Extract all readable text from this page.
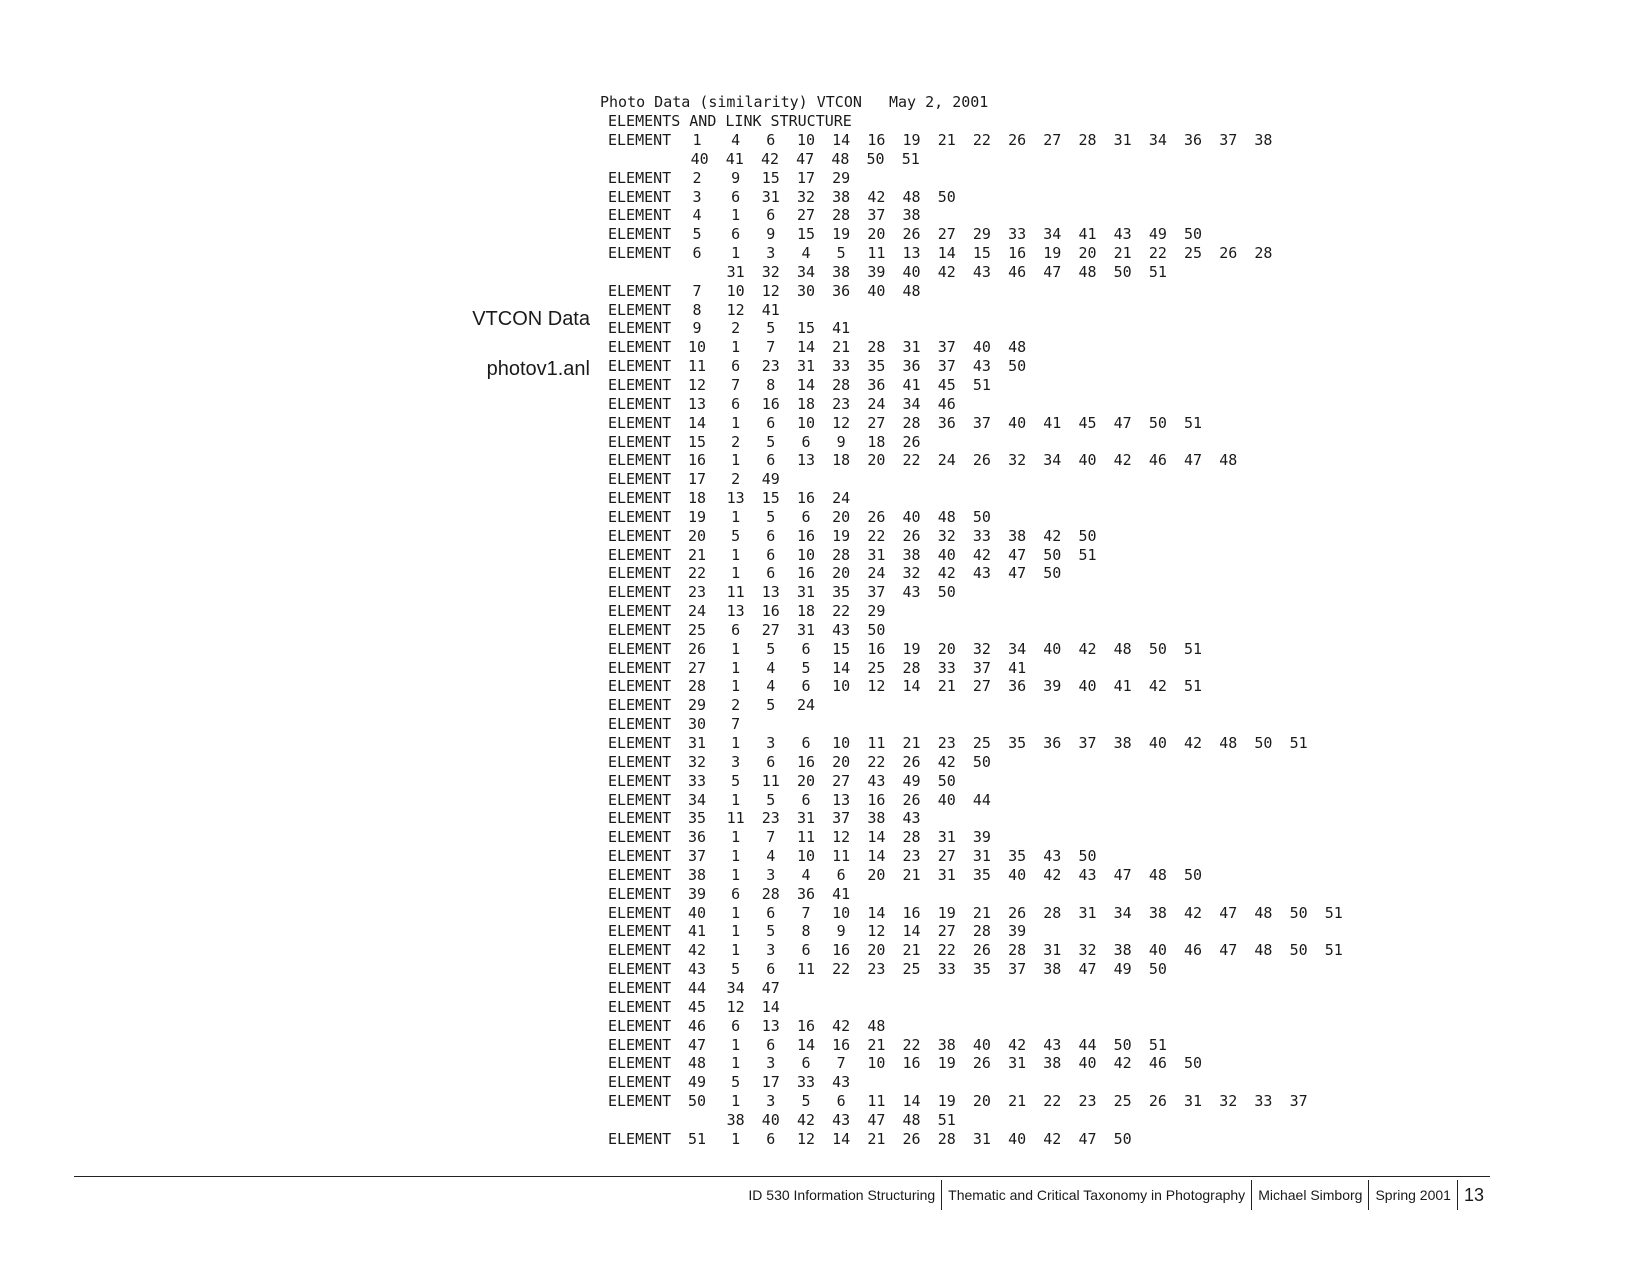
VTCON Data
photov1.anl
Photo Data (similarity) VTCON   May 2, 2001
ELEMENTS AND LINK STRUCTURE
ELEMENT	1	4	6	10	14	16	19	21	22	26	27	28	31	34	36	37	38
40	41	42	47	48	50	51
ELEMENT	2	9	15	17	29
ELEMENT	3	6	31	32	38	42	48	50
ELEMENT	4	1	6	27	28	37	38
ELEMENT	5	6	9	15	19	20	26	27	29	33	34	41	43	49	50
ELEMENT	6	1	3	4	5	11	13	14	15	16	19	20	21	22	25	26	28
31	32	34	38	39	40	42	43	46	47	48	50	51
ELEMENT	7	10	12	30	36	40	48
ELEMENT	8	12	41
ELEMENT	9	2	5	15	41
ELEMENT	10	1	7	14	21	28	31	37	40	48
ELEMENT	11	6	23	31	33	35	36	37	43	50
ELEMENT	12	7	8	14	28	36	41	45	51
ELEMENT	13	6	16	18	23	24	34	46
ELEMENT	14	1	6	10	12	27	28	36	37	40	41	45	47	50	51
ELEMENT	15	2	5	6	9	18	26
ELEMENT	16	1	6	13	18	20	22	24	26	32	34	40	42	46	47	48
ELEMENT	17	2	49
ELEMENT	18	13	15	16	24
ELEMENT	19	1	5	6	20	26	40	48	50
ELEMENT	20	5	6	16	19	22	26	32	33	38	42	50
ELEMENT	21	1	6	10	28	31	38	40	42	47	50	51
ELEMENT	22	1	6	16	20	24	32	42	43	47	50
ELEMENT	23	11	13	31	35	37	43	50
ELEMENT	24	13	16	18	22	29
ELEMENT	25	6	27	31	43	50
ELEMENT	26	1	5	6	15	16	19	20	32	34	40	42	48	50	51
ELEMENT	27	1	4	5	14	25	28	33	37	41
ELEMENT	28	1	4	6	10	12	14	21	27	36	39	40	41	42	51
ELEMENT	29	2	5	24
ELEMENT	30	7
ELEMENT	31	1	3	6	10	11	21	23	25	35	36	37	38	40	42	48	50	51
ELEMENT	32	3	6	16	20	22	26	42	50
ELEMENT	33	5	11	20	27	43	49	50
ELEMENT	34	1	5	6	13	16	26	40	44
ELEMENT	35	11	23	31	37	38	43
ELEMENT	36	1	7	11	12	14	28	31	39
ELEMENT	37	1	4	10	11	14	23	27	31	35	43	50
ELEMENT	38	1	3	4	6	20	21	31	35	40	42	43	47	48	50
ELEMENT	39	6	28	36	41
ELEMENT	40	1	6	7	10	14	16	19	21	26	28	31	34	38	42	47	48	50	51
ELEMENT	41	1	5	8	9	12	14	27	28	39
ELEMENT	42	1	3	6	16	20	21	22	26	28	31	32	38	40	46	47	48	50	51
ELEMENT	43	5	6	11	22	23	25	33	35	37	38	47	49	50
ELEMENT	44	34	47
ELEMENT	45	12	14
ELEMENT	46	6	13	16	42	48
ELEMENT	47	1	6	14	16	21	22	38	40	42	43	44	50	51
ELEMENT	48	1	3	6	7	10	16	19	26	31	38	40	42	46	50
ELEMENT	49	5	17	33	43
ELEMENT	50	1	3	5	6	11	14	19	20	21	22	23	25	26	31	32	33	37
38	40	42	43	47	48	51
ELEMENT	51	1	6	12	14	21	26	28	31	40	42	47	50
ID 530 Information Structuring Thematic and Critical Taxonomy in Photography Michael Simborg Spring 2001 13
